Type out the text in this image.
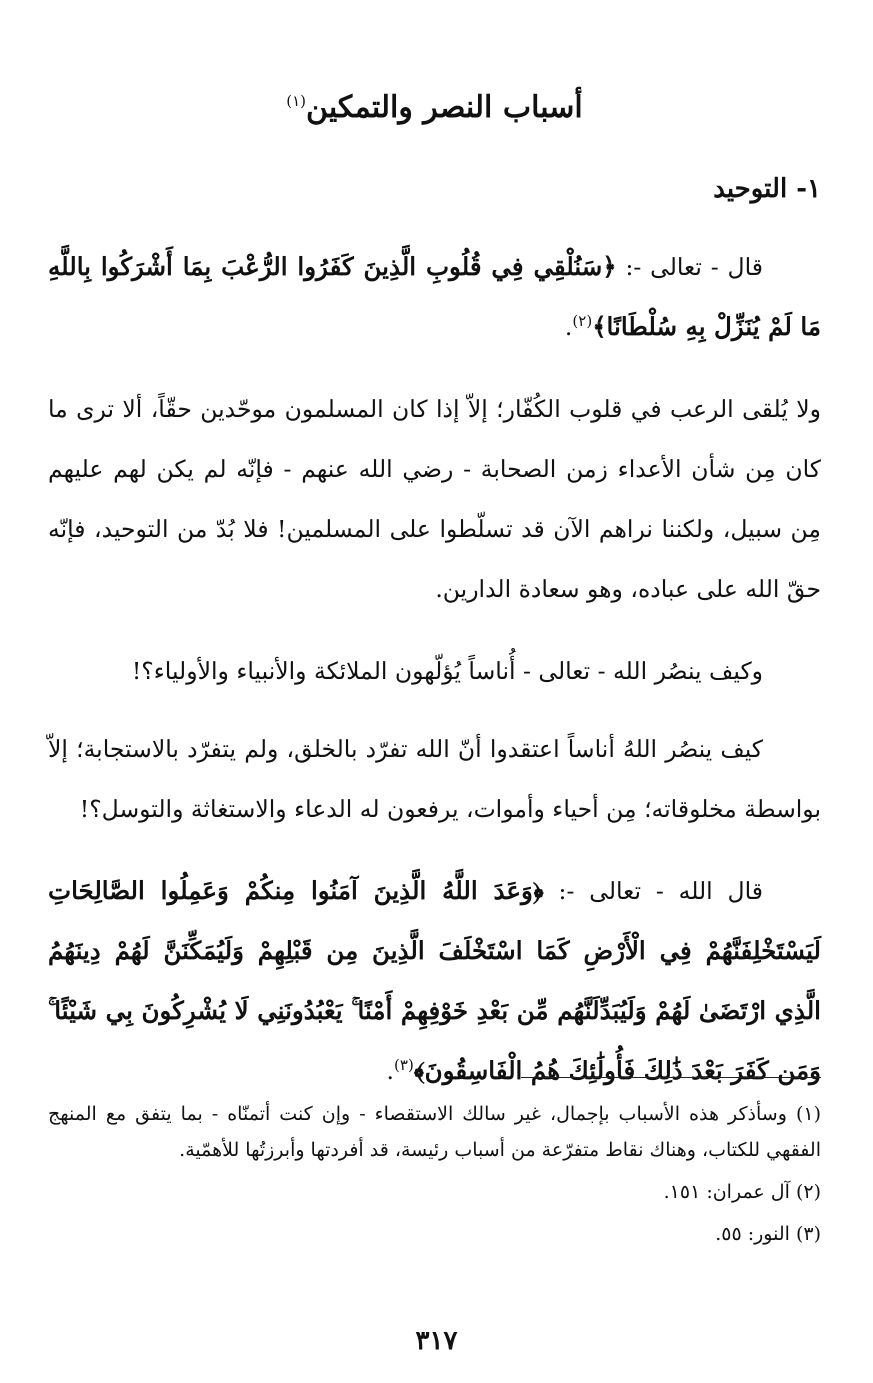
أسباب النصر والتمكين$^{(١)}$
١- التوحيد

قال - تعالى -: ﴿سَنُلْقِي فِي قُلُوبِ الَّذِينَ كَفَرُوا الرُّعْبَ بِمَا أَشْرَكُوا بِاللَّهِ مَا لَمْ يُنَزِّلْ بِهِ سُلْطَانًا﴾$^{(٢)}$.

ولا يُلقى الرعب في قلوب الكُفّار؛ إلاّ إذا كان المسلمون موحّدين حقّاً، ألا ترى ما كان مِن شأن الأعداء زمن الصحابة - رضي الله عنهم - فإنّه لم يكن لهم عليهم مِن سبيل، ولكننا نراهم الآن قد تسلّطوا على المسلمين! فلا بُدّ من التوحيد، فإنّه حقّ الله على عباده، وهو سعادة الدارين.

وكيف ينصُر الله - تعالى - أُناساً يُؤلّهون الملائكة والأنبياء والأولياء؟!

كيف ينصُر اللهُ أناساً اعتقدوا أنّ الله تفرّد بالخلق، ولم يتفرّد بالاستجابة؛ إلاّ بواسطة مخلوقاته؛ مِن أحياء وأموات، يرفعون له الدعاء والاستغاثة والتوسل؟!

قال الله - تعالى -: ﴿وَعَدَ اللَّهُ الَّذِينَ آمَنُوا مِنكُمْ وَعَمِلُوا الصَّالِحَاتِ لَيَسْتَخْلِفَنَّهُمْ فِي الْأَرْضِ كَمَا اسْتَخْلَفَ الَّذِينَ مِن قَبْلِهِمْ وَلَيُمَكِّنَنَّ لَهُمْ دِينَهُمُ الَّذِي ارْتَضَىٰ لَهُمْ وَلَيُبَدِّلَنَّهُم مِّن بَعْدِ خَوْفِهِمْ أَمْنًا ۚ يَعْبُدُونَنِي لَا يُشْرِكُونَ بِي شَيْئًا ۚ وَمَن كَفَرَ بَعْدَ ذَٰلِكَ فَأُولَٰئِكَ هُمُ الْفَاسِقُونَ﴾$^{(٣)}$.

(١) وسأذكر هذه الأسباب بإجمال، غير سالك الاستقصاء - وإن كنت أتمنّاه - بما يتفق مع المنهج الفقهي للكتاب، وهناك نقاط متفرّعة من أسباب رئيسة، قد أفردتها وأبرزتُها للأهمّية.

(٢) آل عمران: ١٥١.

(٣) النور: ٥٥.

٣١٧
